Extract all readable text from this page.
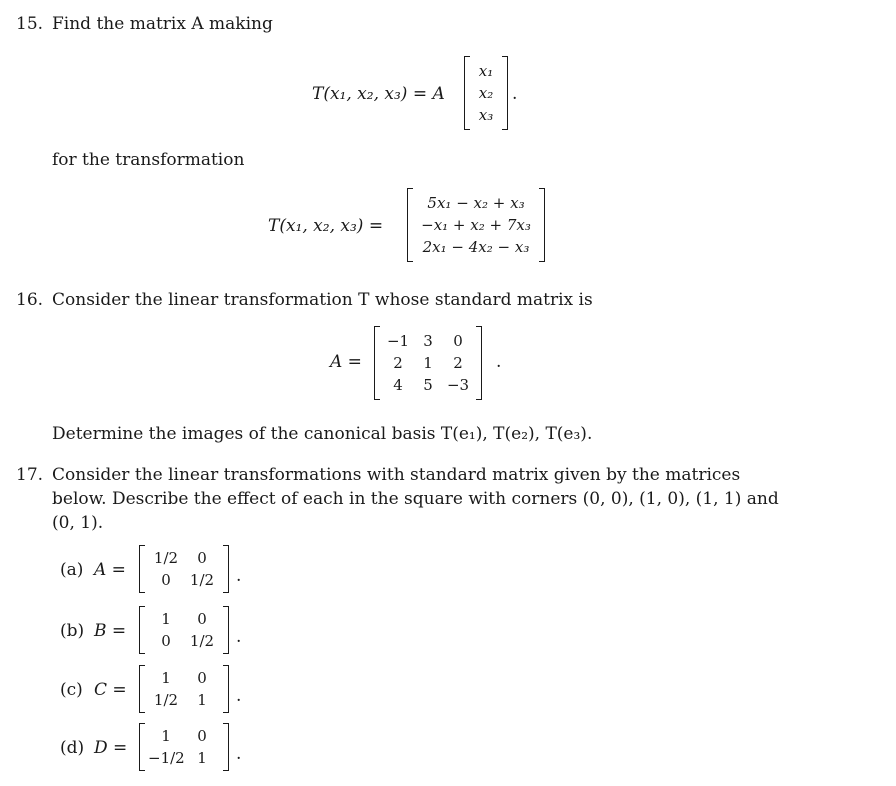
15. Find the matrix A making
T(x₁, x₂, x₃) = A
x₁
x₂
x₃
.
for the transformation
T(x₁, x₂, x₃) =
5x₁ − x₂ + x₃
−x₁ + x₂ + 7x₃
2x₁ − 4x₂ − x₃
16. Consider the linear transformation T whose standard matrix is
A =
−1 3	0
2	1	2
4	5 −3
.
Determine the images of the canonical basis T(e₁), T(e₂), T(e₃).
17. Consider the linear transformations with standard matrix given by the matrices
below. Describe the effect of each in the square with corners (0, 0), (1, 0), (1, 1) and
(0, 1).
(a) A =
1/2	0
0	1/2	.
(b) B =
1	0
0	1/2	.
(c) C =
1	0
1/2	1	.
(d) D =
1	0
−1/2 1	.
